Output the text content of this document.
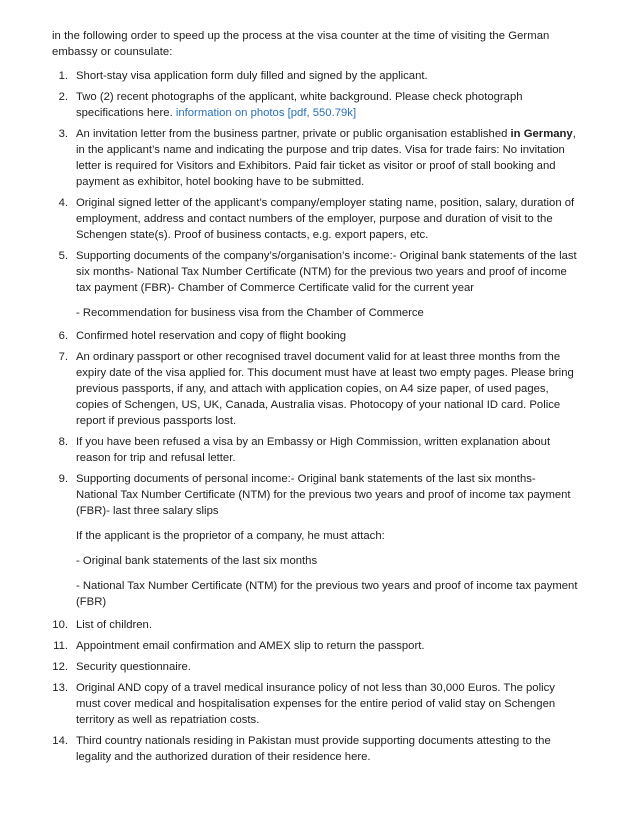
in the following order to speed up the process at the visa counter at the time of visiting the German embassy or counsulate:

1. Short-stay visa application form duly filled and signed by the applicant.
2. Two (2) recent photographs of the applicant, white background. Please check photograph specifications here. information on photos [pdf, 550.79k]
3. An invitation letter from the business partner, private or public organisation established in Germany, in the applicant’s name and indicating the purpose and trip dates. Visa for trade fairs: No invitation letter is required for Visitors and Exhibitors. Paid fair ticket as visitor or proof of stall booking and payment as exhibitor, hotel booking have to be submitted.
4. Original signed letter of the applicant’s company/employer stating name, position, salary, duration of employment, address and contact numbers of the employer, purpose and duration of visit to the Schengen state(s). Proof of business contacts, e.g. export papers, etc.
5. Supporting documents of the company’s/organisation’s income:- Original bank statements of the last six months- National Tax Number Certificate (NTM) for the previous two years and proof of income tax payment (FBR)- Chamber of Commerce Certificate valid for the current year

- Recommendation for business visa from the Chamber of Commerce

6. Confirmed hotel reservation and copy of flight booking
7. An ordinary passport or other recognised travel document valid for at least three months from the expiry date of the visa applied for. This document must have at least two empty pages. Please bring previous passports, if any, and attach with application copies, on A4 size paper, of used pages, copies of Schengen, US, UK, Canada, Australia visas. Photocopy of your national ID card. Police report if previous passports lost.
8. If you have been refused a visa by an Embassy or High Commission, written explanation about reason for trip and refusal letter.
9. Supporting documents of personal income:- Original bank statements of the last six months- National Tax Number Certificate (NTM) for the previous two years and proof of income tax payment (FBR)- last three salary slips

If the applicant is the proprietor of a company, he must attach:

- Original bank statements of the last six months

- National Tax Number Certificate (NTM) for the previous two years and proof of income tax payment (FBR)

10. List of children.
11. Appointment email confirmation and AMEX slip to return the passport.
12. Security questionnaire.
13. Original AND copy of a travel medical insurance policy of not less than 30,000 Euros. The policy must cover medical and hospitalisation expenses for the entire period of valid stay on Schengen territory as well as repatriation costs.
14. Third country nationals residing in Pakistan must provide supporting documents attesting to the legality and the authorized duration of their residence here.
